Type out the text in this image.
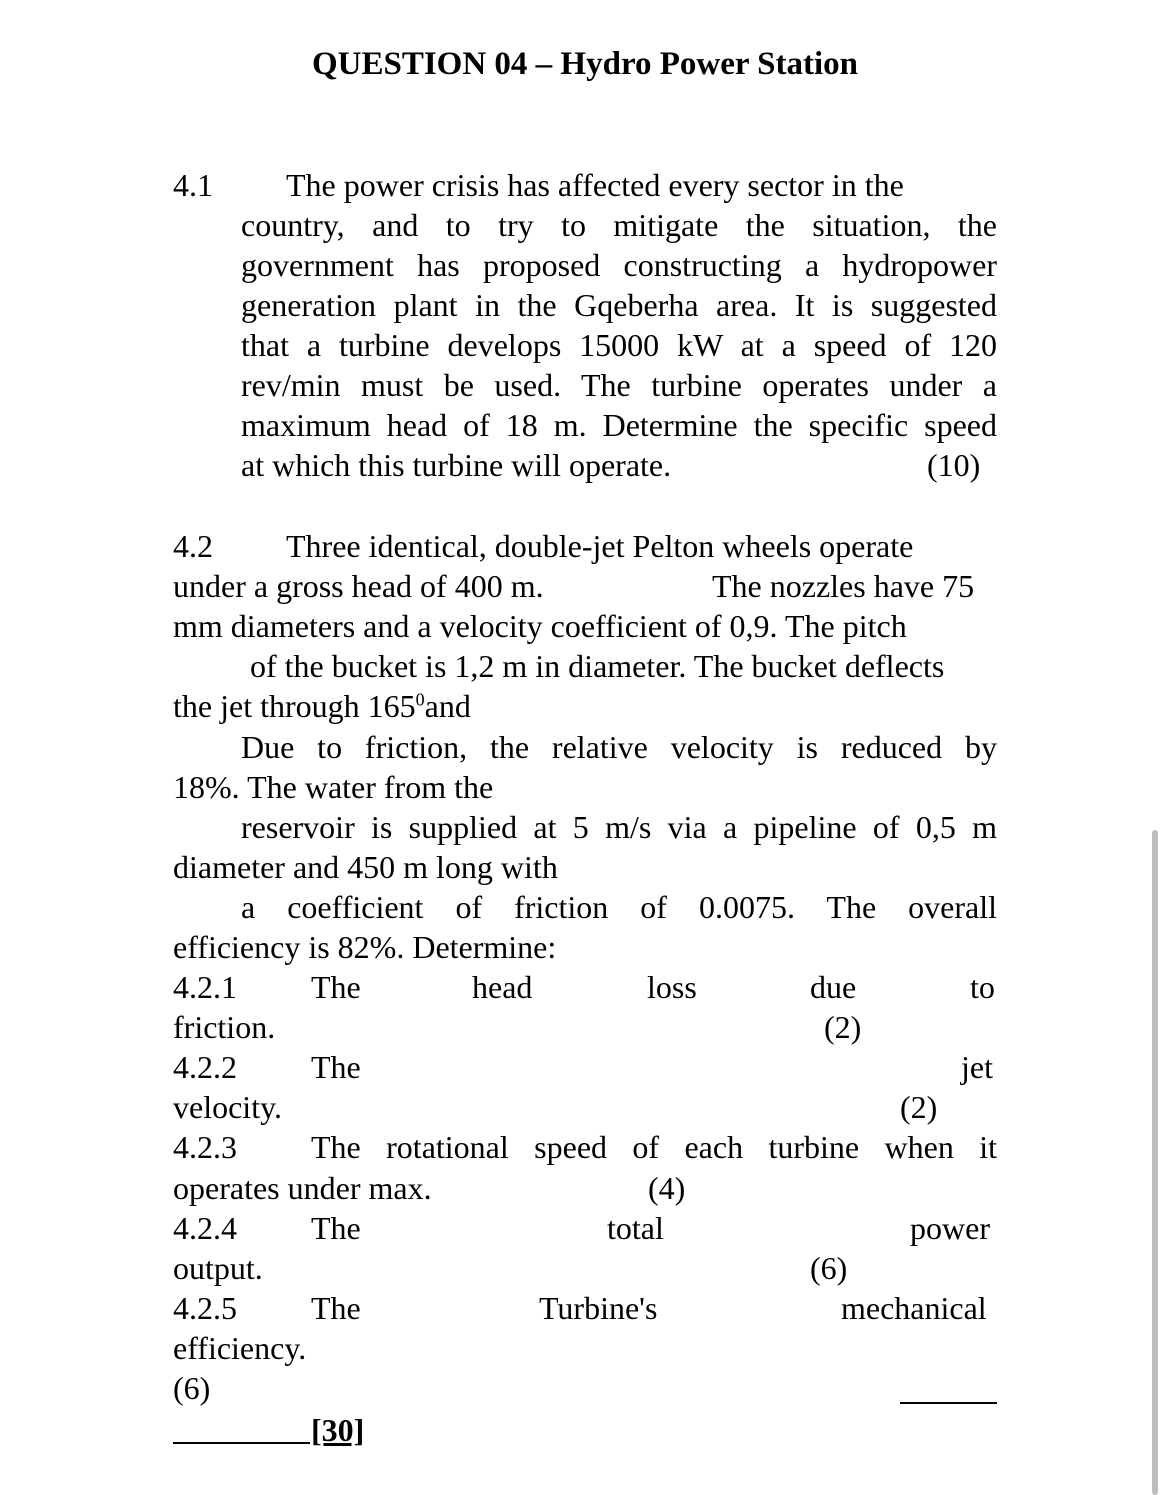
QUESTION 04 – Hydro Power Station
4.1 The power crisis has affected every sector in the
country, and to try to mitigate the situation, the
government has proposed constructing a hydropower
generation plant in the Gqeberha area. It is suggested
that a turbine develops 15000 kW at a speed of 120
rev/min must be used. The turbine operates under a
maximum head of 18 m. Determine the specific speed
at which this turbine will operate.	(10)
4.2 Three identical, double-jet Pelton wheels operate
under a gross head of 400 m.	The nozzles have 75
mm diameters and a velocity coefficient of 0,9. The pitch
of the bucket is 1,2 m in diameter. The bucket deflects
the jet through $165^0and$
Due to friction, the relative velocity is reduced by
18%. The water from the
reservoir is supplied at 5 m/s via a pipeline of 0,5 m
diameter and 450 m long with
a coefficient of friction of 0.0075. The overall
efficiency is 82%. Determine:
4.2.1 The	head	loss	due	to
friction.	(2)
4.2.2 The	jet
velocity.	(2)
4.2.3 The rotational speed of each turbine when it
operates under max.	(4)
4.2.4 The	total	power
output.	(6)
4.2.5 The	Turbine's	mechanical
efficiency.
(6)
[30]
